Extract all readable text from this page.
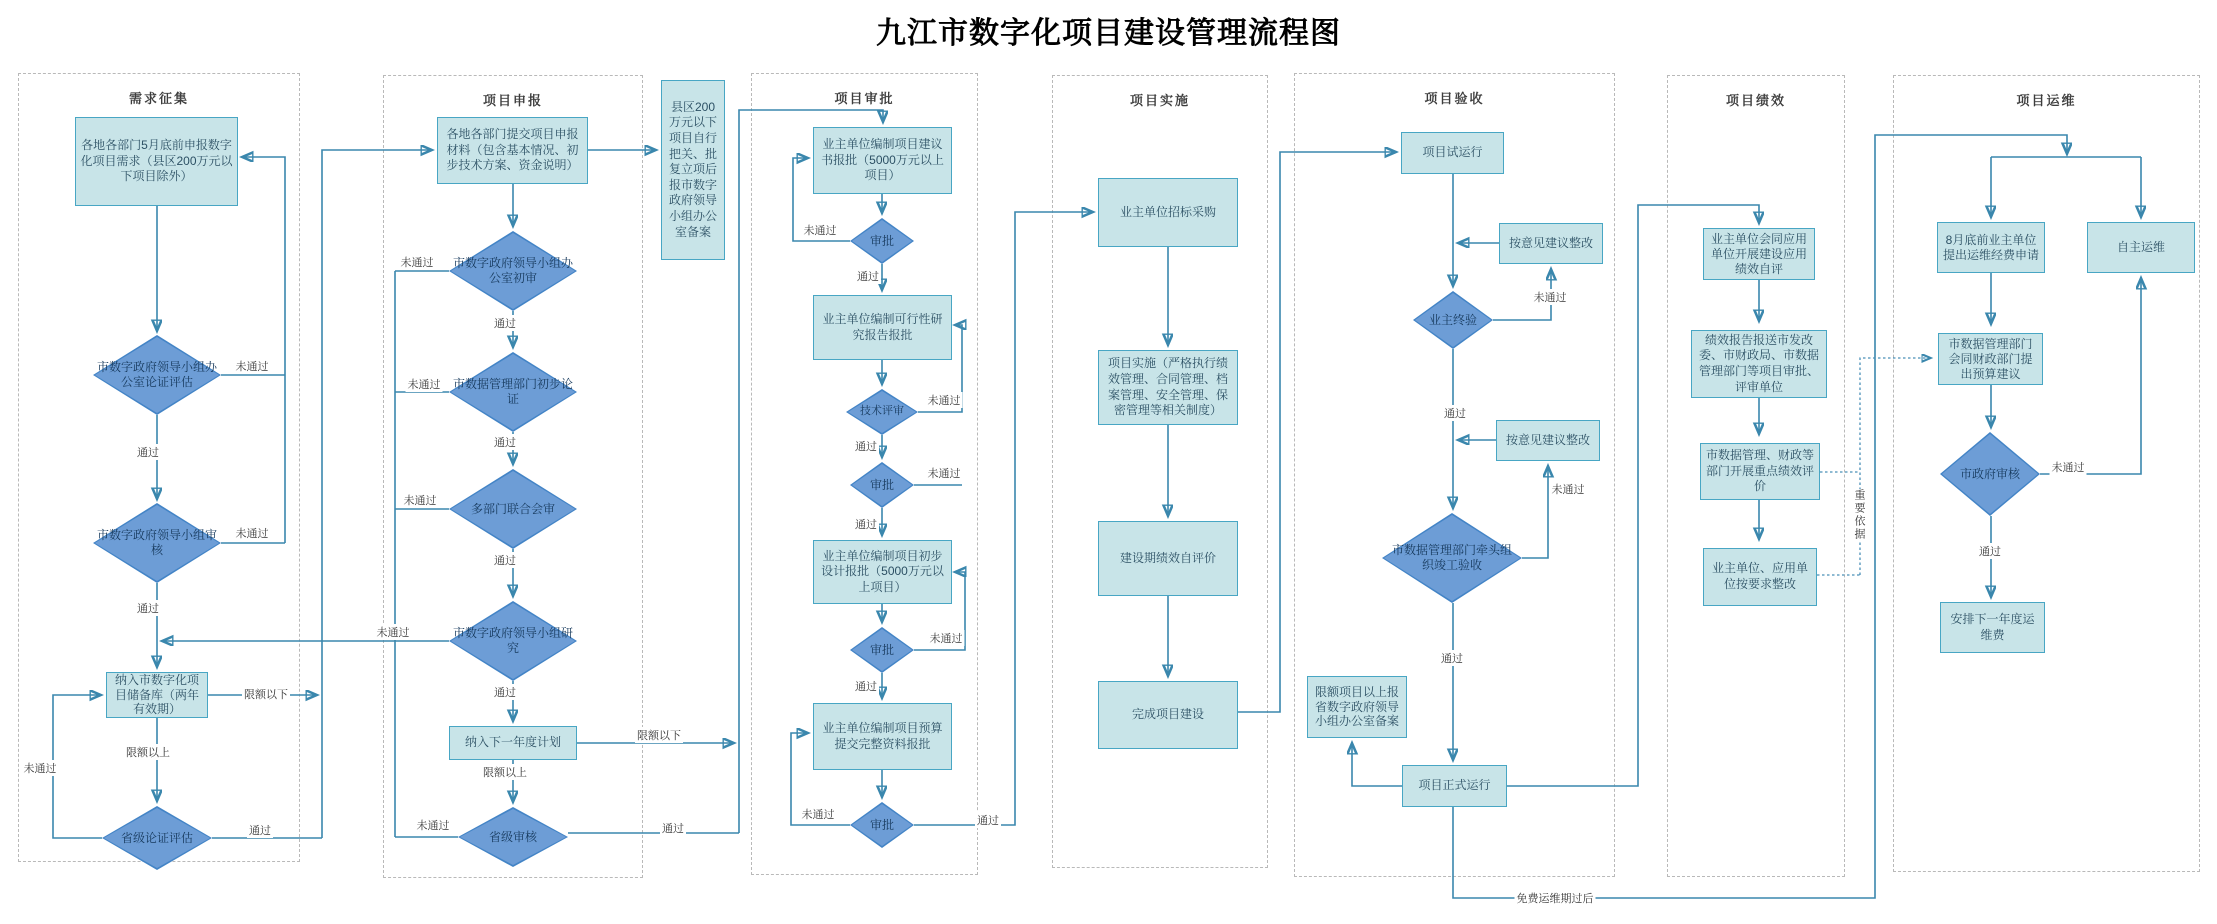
九江市数字化项目建设管理流程图
需求征集	项目申报	项目审批	项目实施	项目验收	项目绩效	项目运维
各地各部门5月底前申报数字化项目需求（县区200万元以下项目除外）
市数字政府领导小组办公室论证评估
市数字政府领导小组审核
纳入市数字化项目储备库（两年有效期）
省级论证评估
各地各部门提交项目申报材料（包含基本情况、初步技术方案、资金说明）
市数字政府领导小组办公室初审
市数据管理部门初步论证
多部门联合会审
市数字政府领导小组研究
纳入下一年度计划
省级审核
县区200万元以下项目自行把关、批复立项后报市数字政府领导小组办公室备案
业主单位编制项目建议书报批（5000万元以上项目）
审批
业主单位编制可行性研究报告报批
技术评审
审批
业主单位编制项目初步设计报批（5000万元以上项目）
审批
业主单位编制项目预算提交完整资料报批
审批
业主单位招标采购
项目实施（严格执行绩效管理、合同管理、档案管理、安全管理、保密管理等相关制度）
建设期绩效自评价
完成项目建设
项目试运行
按意见建议整改
业主终验
按意见建议整改
市数据管理部门牵头组织竣工验收
限额项目以上报省数字政府领导小组办公室备案
项目正式运行
业主单位会同应用单位开展建设应用绩效自评
绩效报告报送市发改委、市财政局、市数据管理部门等项目审批、评审单位
市数据管理、财政等部门开展重点绩效评价
业主单位、应用单位按要求整改
8月底前业主单位提出运维经费申请
自主运维
市数据管理部门会同财政部门提出预算建议
市政府审核
安排下一年度运维费
未通过
通过
未通过
通过
限额以下
限额以上
未通过
通过
未通过
通过
未通过
通过
未通过
通过
未通过
通过
限额以下
限额以上
未通过	通过
未通过
通过
未通过
通过
未通过
通过
未通过
通过
未通过	通过
未通过
通过
未通过
通过
未通过
通过
免费运维期过后
重要依据
